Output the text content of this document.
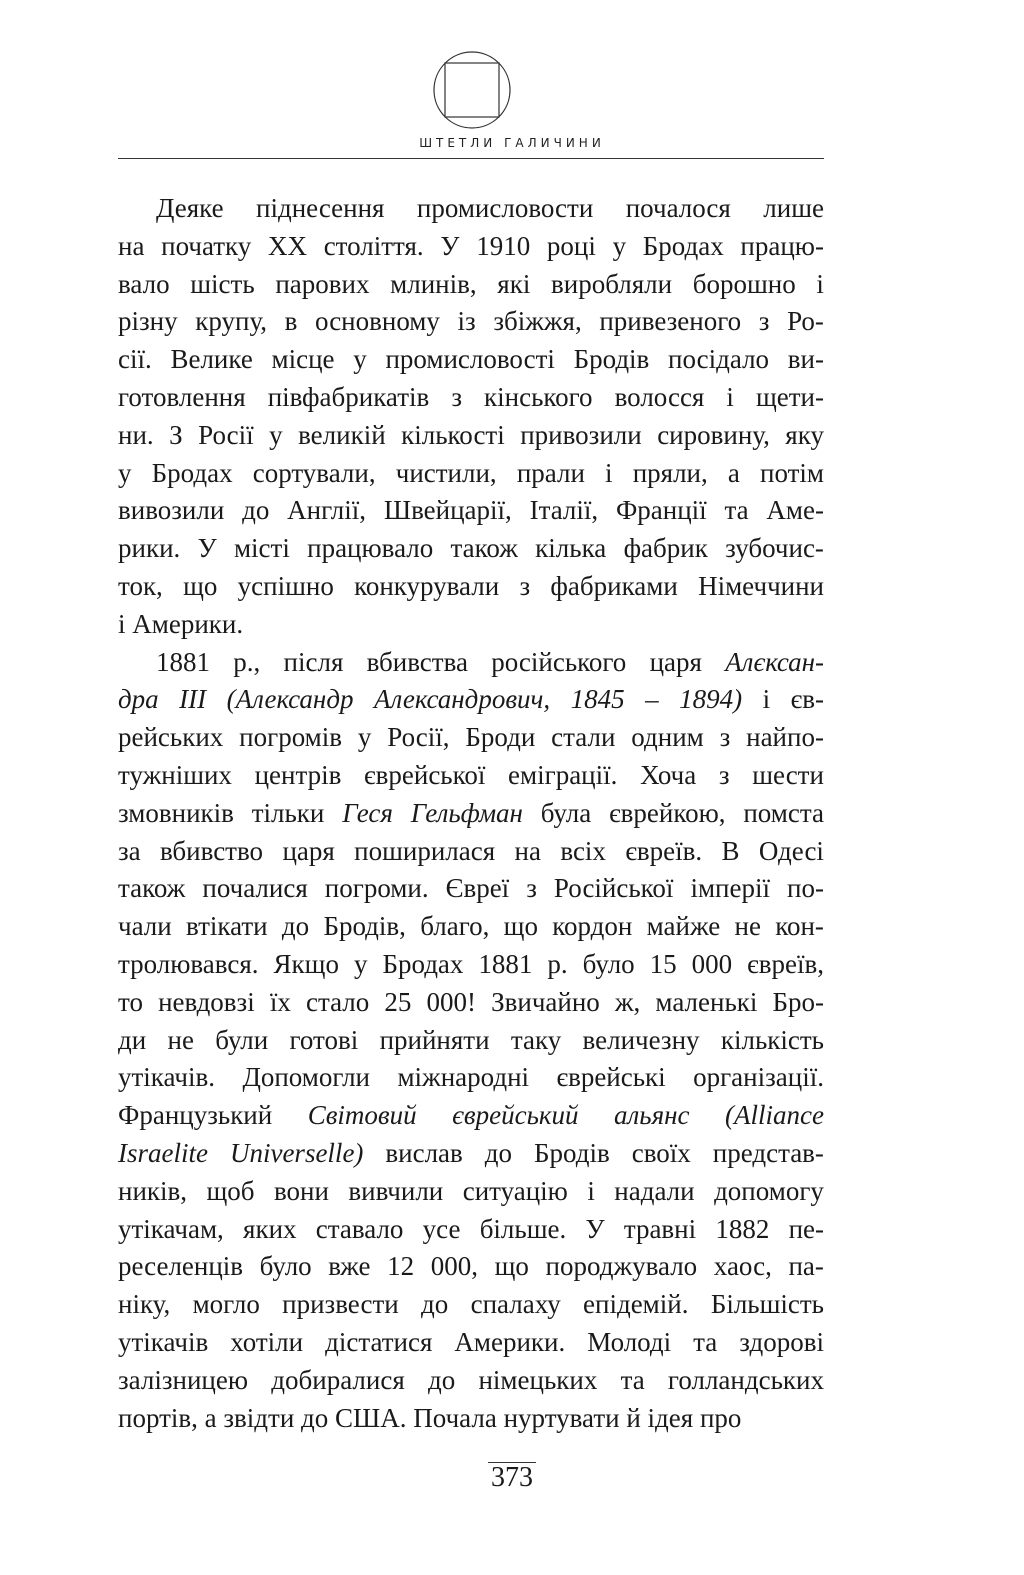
ШТЕТЛИ ГАЛИЧИНИ
Деяке піднесення промисловости почалося лише
на початку XX століття. У 1910 році у Бродах працю-
вало шість парових млинів, які виробляли борошно і
різну крупу, в основному із збіжжя, привезеного з Ро-
сії. Велике місце у промисловості Бродів посідало ви-
готовлення півфабрикатів з кінського волосся і щети-
ни. З Росії у великій кількості привозили сировину, яку
у Бродах сортували, чистили, прали і пряли, а потім
вивозили до Англії, Швейцарії, Італії, Франції та Аме-
рики. У місті працювало також кілька фабрик зубочис-
ток, що успішно конкурували з фабриками Німеччини
і
Америки.
1881 р., після вбивства російського царя Алєксан-
дра ІІІ (Александр Александрович, 1845 – 1894) і єв-
рейських погромів у Росії, Броди стали одним з найпо-
тужніших центрів єврейської еміграції. Хоча з шести
змовників тільки Геся Гельфман була єврейкою, помста
за вбивство царя поширилася на всіх євреїв. В Одесі
також почалися погроми. Євреї з Російської імперії по-
чали втікати до Бродів, благо, що кордон майже не кон-
тролювався. Якщо у Бродах 1881 р. було 15 000 євреїв,
то невдовзі їх стало 25 000! Звичайно ж, маленькі Бро-
ди не були готові прийняти таку величезну кількість
утікачів. Допомогли міжнародні єврейські організації.
Французький Світовий єврейський альянс (Alliance
Israelite Universelle) вислав до Бродів своїх представ-
ників, щоб вони вивчили ситуацію і надали допомогу
утікачам, яких ставало усе більше. У травні 1882 пе-
реселенців було вже 12 000, що породжувало хаос, па-
ніку, могло призвести до спалаху епідемій. Більшість
утікачів хотіли дістатися Америки. Молоді та здорові
залізницею добиралися до німецьких та голландських
портів,
а
звідти
до
США.
Почала
нуртувати
й
ідея
про
373
